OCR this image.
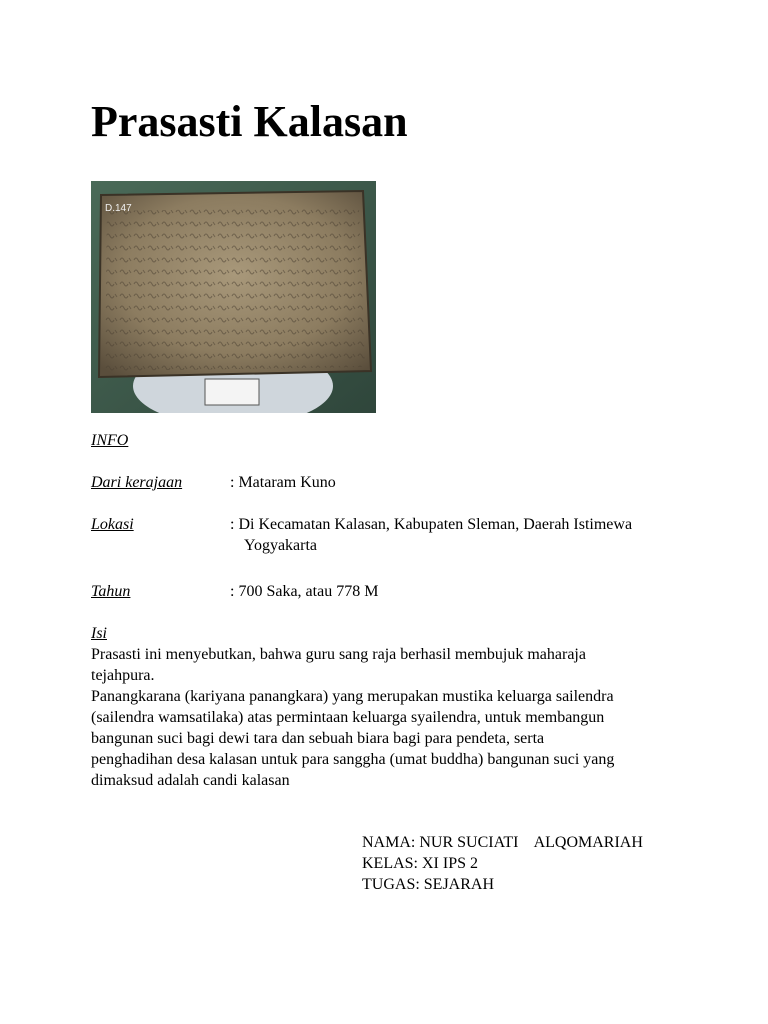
Prasasti Kalasan
D.147
INFO
Dari kerajaan	: Mataram Kuno
Lokasi	: Di Kecamatan Kalasan, Kabupaten Sleman, Daerah Istimewa
Yogyakarta
Tahun	: 700 Saka, atau 778 M
Isi

Prasasti ini menyebutkan, bahwa guru sang raja berhasil membujuk maharaja

tejahpura.

Panangkarana (kariyana panangkara) yang merupakan mustika keluarga sailendra

(sailendra wamsatilaka) atas permintaan keluarga syailendra, untuk membangun

bangunan suci bagi dewi tara dan sebuah biara bagi para pendeta, serta

penghadihan desa kalasan untuk para sanggha (umat buddha) bangunan suci yang

dimaksud adalah candi kalasan

NAMA: NUR SUCIATI    ALQOMARIAH
KELAS: XI IPS 2
TUGAS: SEJARAH
